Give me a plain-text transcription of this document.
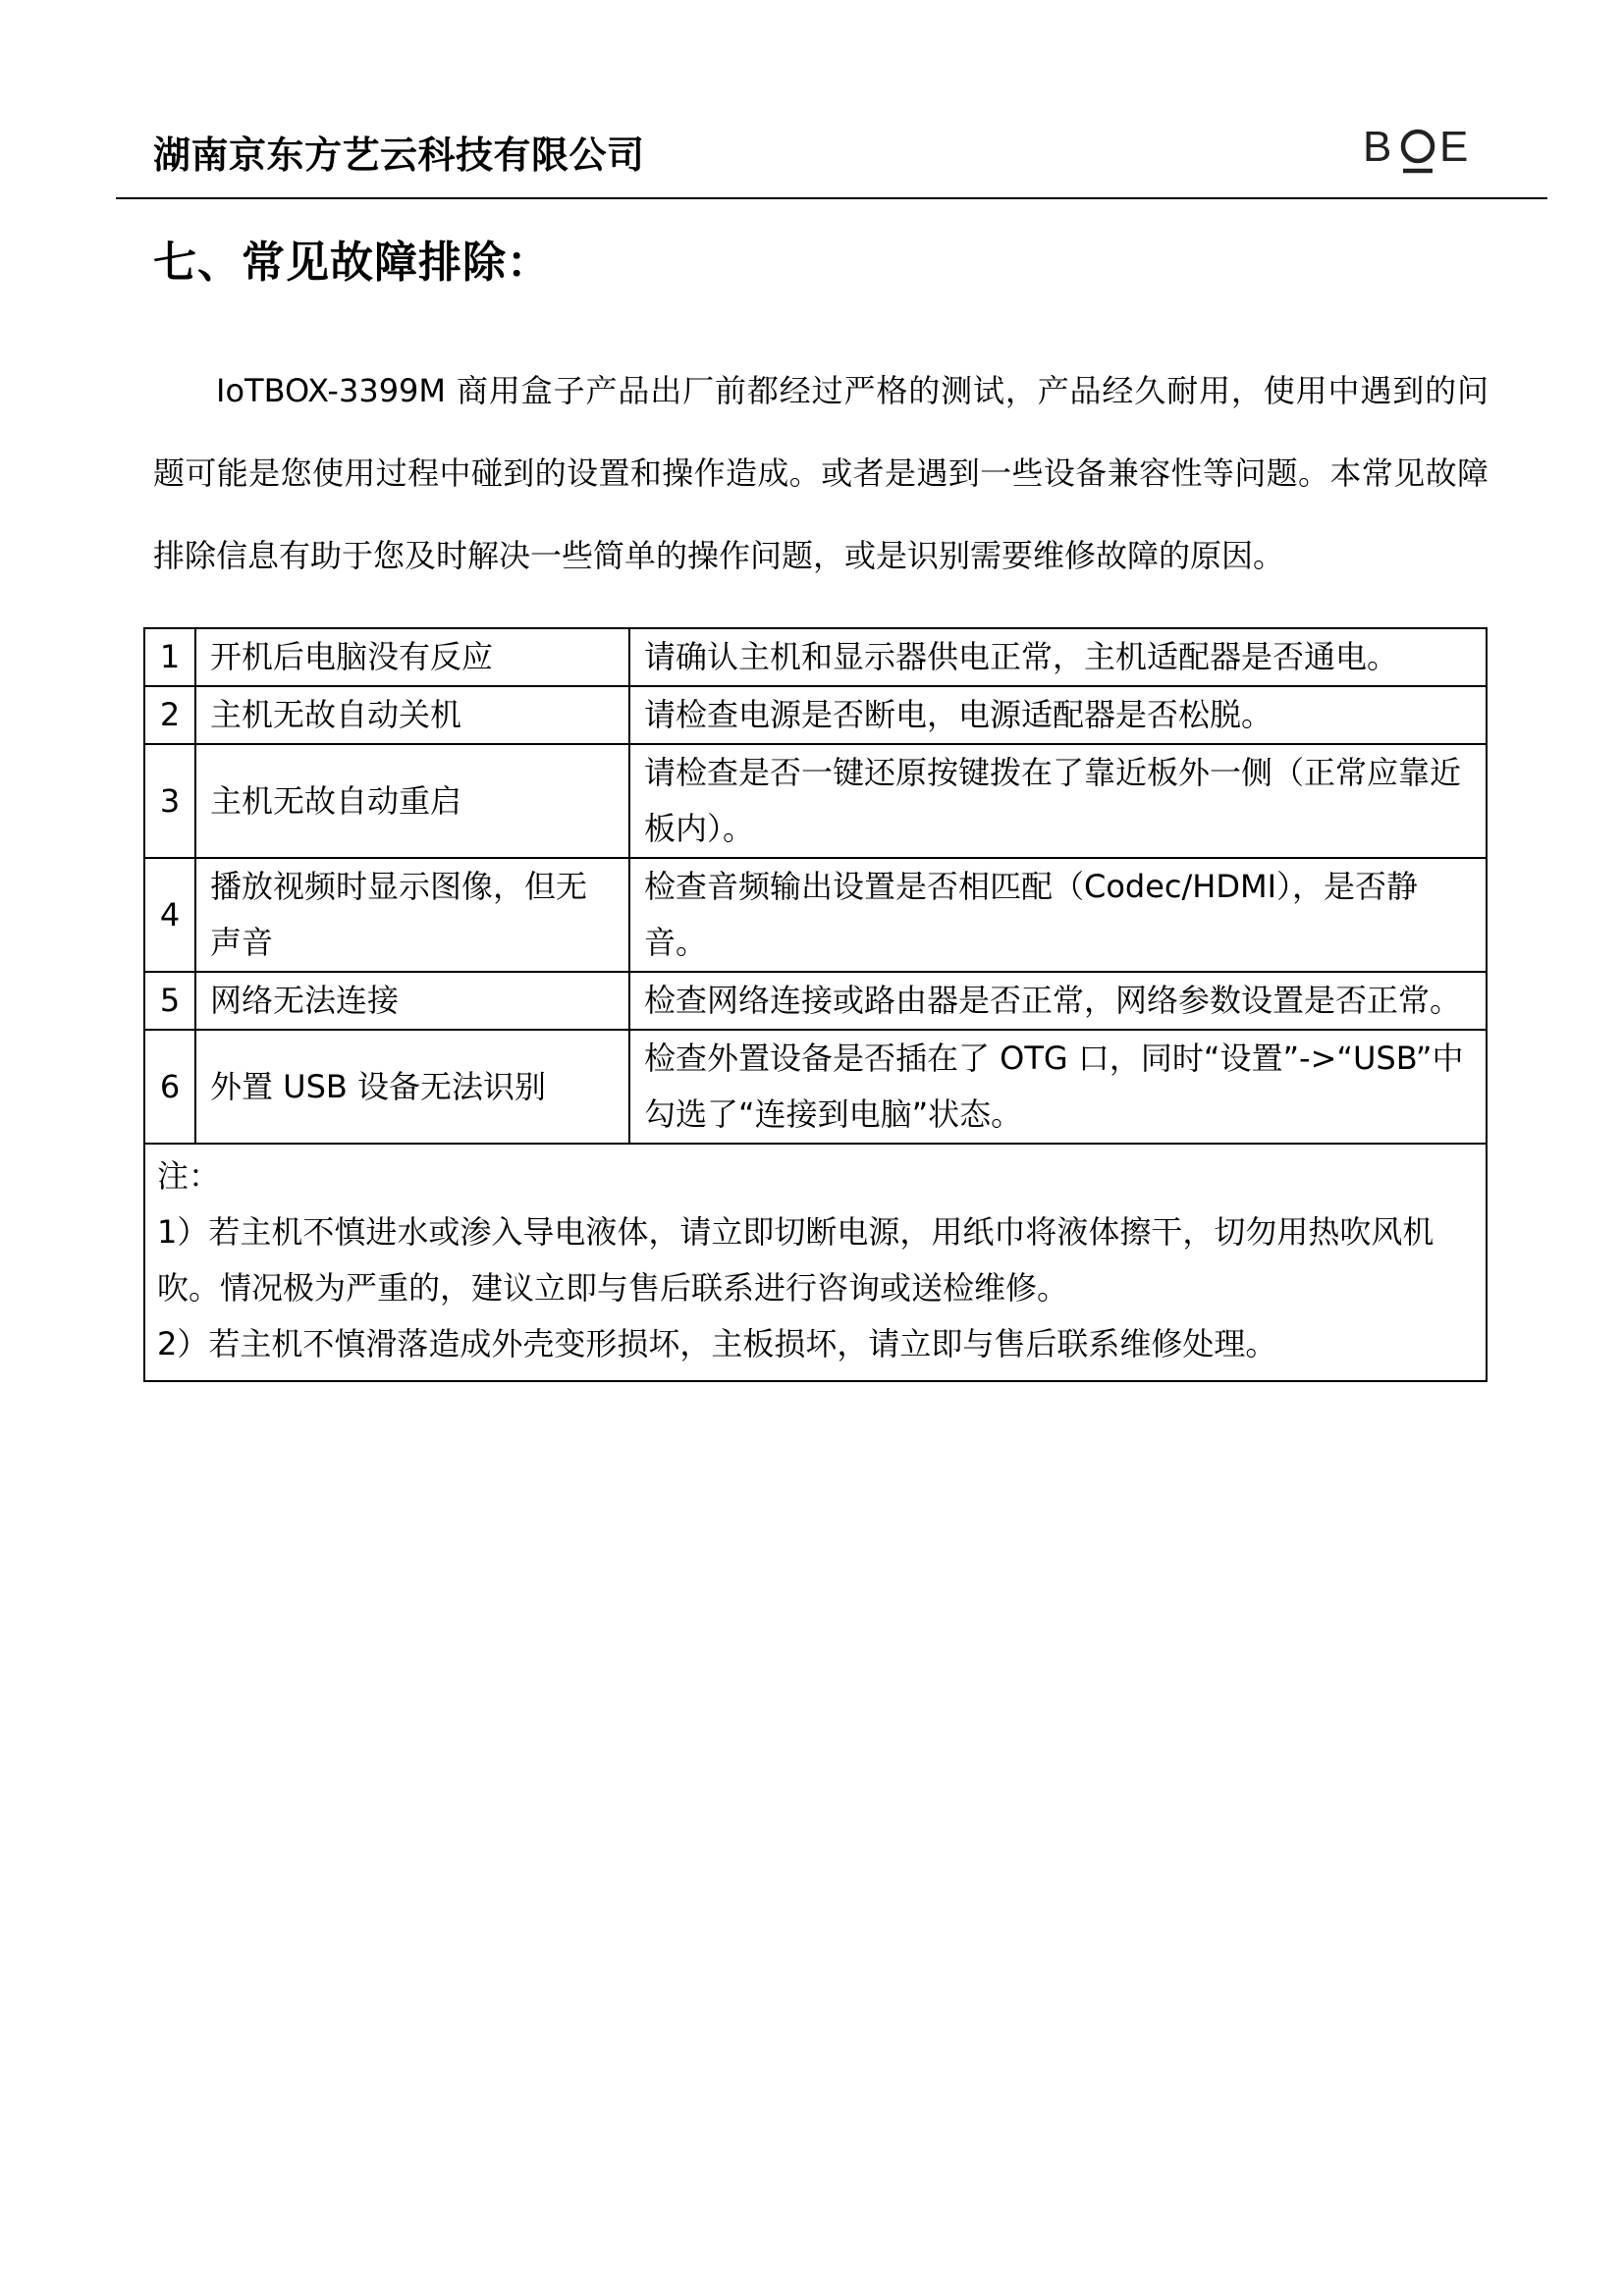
湖南京东方艺云科技有限公司	B E
七、常见故障排除：

IoTBOX-3399M 商用盒子产品出厂前都经过严格的测试，产品经久耐用，使用中遇到的问题可能是您使用过程中碰到的设置和操作造成。或者是遇到一些设备兼容性等问题。本常见故障排除信息有助于您及时解决一些简单的操作问题，或是识别需要维修故障的原因。

1	开机后电脑没有反应	请确认主机和显示器供电正常，主机适配器是否通电。
2	主机无故自动关机	请检查电源是否断电，电源适配器是否松脱。
3	主机无故自动重启	请检查是否一键还原按键拨在了靠近板外一侧（正常应靠近板内）。
4	播放视频时显示图像，但无声音	检查音频输出设置是否相匹配（Codec/HDMI），是否静音。
5	网络无法连接	检查网络连接或路由器是否正常，网络参数设置是否正常。
6	外置 USB 设备无法识别	检查外置设备是否插在了 OTG 口，同时“设置”->“USB”中勾选了“连接到电脑”状态。

注：
1）若主机不慎进水或渗入导电液体，请立即切断电源，用纸巾将液体擦干，切勿用热吹风机吹。情况极为严重的，建议立即与售后联系进行咨询或送检维修。
2）若主机不慎滑落造成外壳变形损坏，主板损坏，请立即与售后联系维修处理。		
